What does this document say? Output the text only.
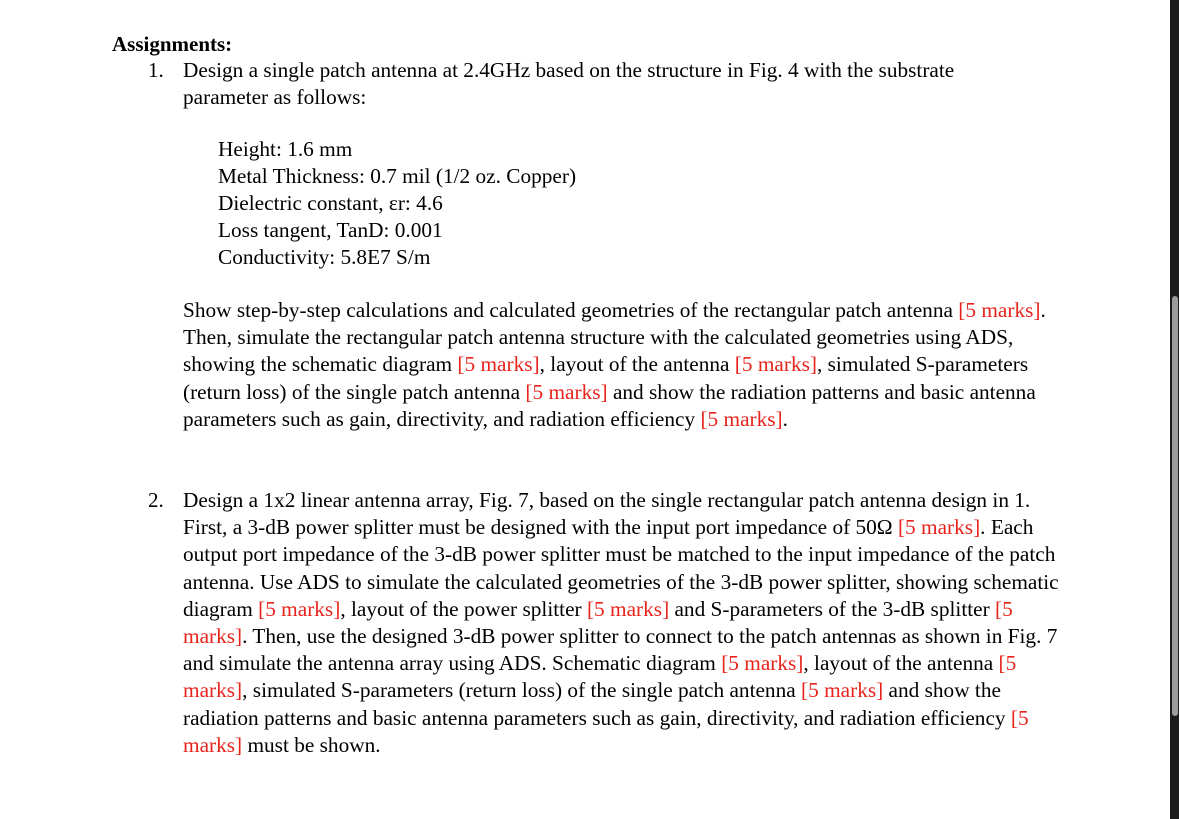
Assignments:
1. Design a single patch antenna at 2.4GHz based on the structure in Fig. 4 with the substrate
parameter as follows:
Height: 1.6 mm
Metal Thickness: 0.7 mil (1/2 oz. Copper)
Dielectric constant, εr: 4.6
Loss tangent, TanD: 0.001
Conductivity: 5.8E7 S/m

Show step-by-step calculations and calculated geometries of the rectangular patch antenna [5 marks]. Then, simulate the rectangular patch antenna structure with the calculated geometries using ADS, showing the schematic diagram [5 marks], layout of the antenna [5 marks], simulated S-parameters (return loss) of the single patch antenna [5 marks] and show the radiation patterns and basic antenna parameters such as gain, directivity, and radiation efficiency [5 marks].

2. Design a 1x2 linear antenna array, Fig. 7, based on the single rectangular patch antenna design in 1. First, a 3-dB power splitter must be designed with the input port impedance of 50Ω [5 marks]. Each output port impedance of the 3-dB power splitter must be matched to the input impedance of the patch antenna. Use ADS to simulate the calculated geometries of the 3-dB power splitter, showing schematic diagram [5 marks], layout of the power splitter [5 marks] and S-parameters of the 3-dB splitter [5 marks]. Then, use the designed 3-dB power splitter to connect to the patch antennas as shown in Fig. 7 and simulate the antenna array using ADS. Schematic diagram [5 marks], layout of the antenna [5 marks], simulated S-parameters (return loss) of the single patch antenna [5 marks] and show the radiation patterns and basic antenna parameters such as gain, directivity, and radiation efficiency [5 marks] must be shown.
